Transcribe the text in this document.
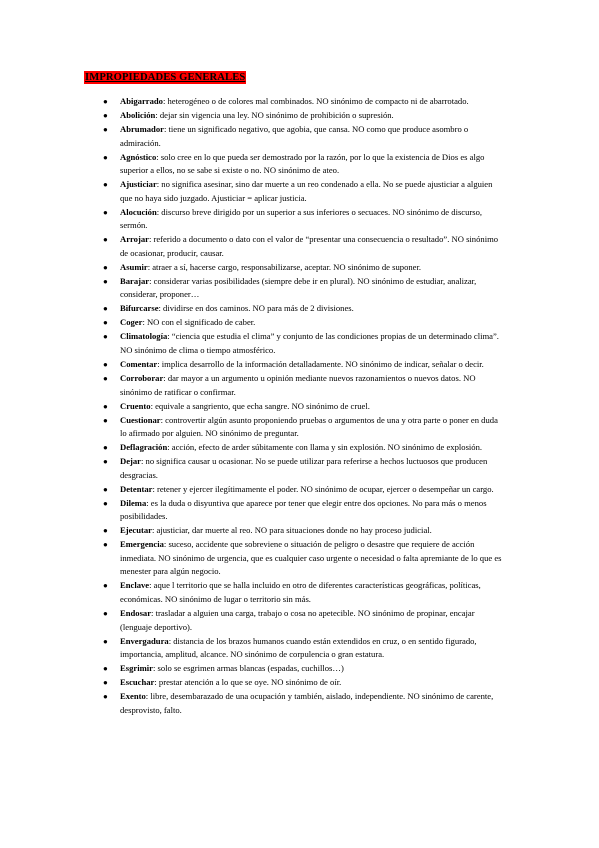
IMPROPIEDADES GENERALES
● Abigarrado: heterogéneo o de colores mal combinados. NO sinónimo de compacto ni de abarrotado.
● Abolición: dejar sin vigencia una ley. NO sinónimo de prohibición o supresión.
● Abrumador: tiene un significado negativo, que agobia, que cansa. NO como que produce asombro o admiración.
● Agnóstico: solo cree en lo que pueda ser demostrado por la razón, por lo que la existencia de Dios es algo superior a ellos, no se sabe si existe o no. NO sinónimo de ateo.
● Ajusticiar: no significa asesinar, sino dar muerte a un reo condenado a ella. No se puede ajusticiar a alguien que no haya sido juzgado. Ajusticiar = aplicar justicia.
● Alocución: discurso breve dirigido por un superior a sus inferiores o secuaces. NO sinónimo de discurso, sermón.
● Arrojar: referido a documento o dato con el valor de “presentar una consecuencia o resultado”. NO sinónimo de ocasionar, producir, causar.
● Asumir: atraer a sí, hacerse cargo, responsabilizarse, aceptar. NO sinónimo de suponer.
● Barajar: considerar varias posibilidades (siempre debe ir en plural). NO sinónimo de estudiar, analizar, considerar, proponer…
● Bifurcarse: dividirse en dos caminos. NO para más de 2 divisiones.
● Coger: NO con el significado de caber.
● Climatología: “ciencia que estudia el clima” y conjunto de las condiciones propias de un determinado clima”. NO sinónimo de clima o tiempo atmosférico.
● Comentar: implica desarrollo de la información detalladamente. NO sinónimo de indicar, señalar o decir.
● Corroborar: dar mayor a un argumento u opinión mediante nuevos razonamientos o nuevos datos. NO sinónimo de ratificar o confirmar.
● Cruento: equivale a sangriento, que echa sangre. NO sinónimo de cruel.
● Cuestionar: controvertir algún asunto proponiendo pruebas o argumentos de una y otra parte o poner en duda lo afirmado por alguien. NO sinónimo de preguntar.
● Deflagración: acción, efecto de arder súbitamente con llama y sin explosión. NO sinónimo de explosión.
● Dejar: no significa causar u ocasionar. No se puede utilizar para referirse a hechos luctuosos que producen desgracias.
● Detentar: retener y ejercer ilegítimamente el poder. NO sinónimo de ocupar, ejercer o desempeñar un cargo.
● Dilema: es la duda o disyuntiva que aparece por tener que elegir entre dos opciones. No para más o menos posibilidades.
● Ejecutar: ajusticiar, dar muerte al reo. NO para situaciones donde no hay proceso judicial.
● Emergencia: suceso, accidente que sobreviene o situación de peligro o desastre que requiere de acción inmediata. NO sinónimo de urgencia, que es cualquier caso urgente o necesidad o falta apremiante de lo que es menester para algún negocio.
● Enclave: aque l territorio que se halla incluido en otro de diferentes características geográficas, políticas, económicas. NO sinónimo de lugar o territorio sin más.
● Endosar: trasladar a alguien una carga, trabajo o cosa no apetecible. NO sinónimo de propinar, encajar (lenguaje deportivo).
● Envergadura: distancia de los brazos humanos cuando están extendidos en cruz, o en sentido figurado, importancia, amplitud, alcance. NO sinónimo de corpulencia o gran estatura.
● Esgrimir: solo se esgrimen armas blancas (espadas, cuchillos…)
● Escuchar: prestar atención a lo que se oye. NO sinónimo de oír.
● Exento: libre, desembarazado de una ocupación y también, aislado, independiente. NO sinónimo de carente, desprovisto, falto.
